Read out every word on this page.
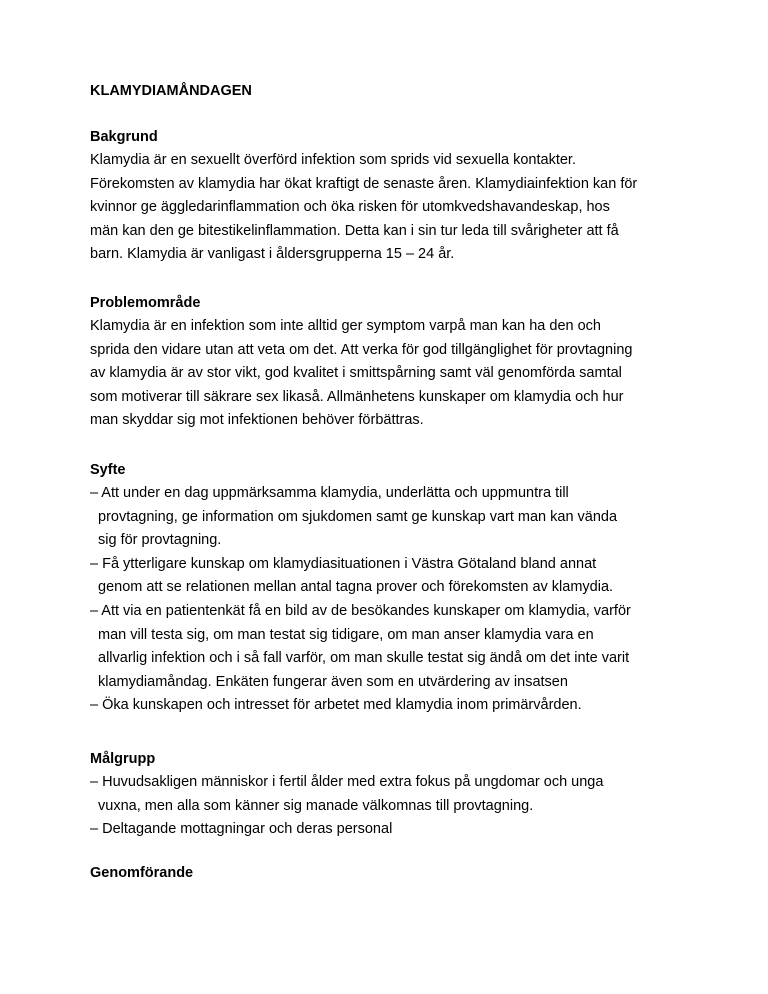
KLAMYDIAMÅNDAGEN
Bakgrund
Klamydia är en sexuellt överförd infektion som sprids vid sexuella kontakter.
Förekomsten av klamydia har ökat kraftigt de senaste åren. Klamydiainfektion kan för
kvinnor ge äggledarinflammation och öka risken för utomkvedshavandeskap, hos
män kan den ge bitestikelinflammation. Detta kan i sin tur leda till svårigheter att få
barn. Klamydia är vanligast i åldersgrupperna 15 – 24 år.
Problemområde
Klamydia är en infektion som inte alltid ger symptom varpå man kan ha den och
sprida den vidare utan att veta om det. Att verka för god tillgänglighet för provtagning
av klamydia är av stor vikt, god kvalitet i smittspårning samt väl genomförda samtal
som motiverar till säkrare sex likaså. Allmänhetens kunskaper om klamydia och hur
man skyddar sig mot infektionen behöver förbättras.
Syfte
– Att under en dag uppmärksamma klamydia, underlätta och uppmuntra till
provtagning, ge information om sjukdomen samt ge kunskap vart man kan vända
sig för provtagning.
– Få ytterligare kunskap om klamydiasituationen i Västra Götaland bland annat
genom att se relationen mellan antal tagna prover och förekomsten av klamydia.
– Att via en patientenkät få en bild av de besökandes kunskaper om klamydia, varför
man vill testa sig, om man testat sig tidigare, om man anser klamydia vara en
allvarlig infektion och i så fall varför, om man skulle testat sig ändå om det inte varit
klamydiamåndag. Enkäten fungerar även som en utvärdering av insatsen
– Öka kunskapen och intresset för arbetet med klamydia inom primärvården.
Målgrupp
– Huvudsakligen människor i fertil ålder med extra fokus på ungdomar och unga
vuxna, men alla som känner sig manade välkomnas till provtagning.
– Deltagande mottagningar och deras personal
Genomförande
